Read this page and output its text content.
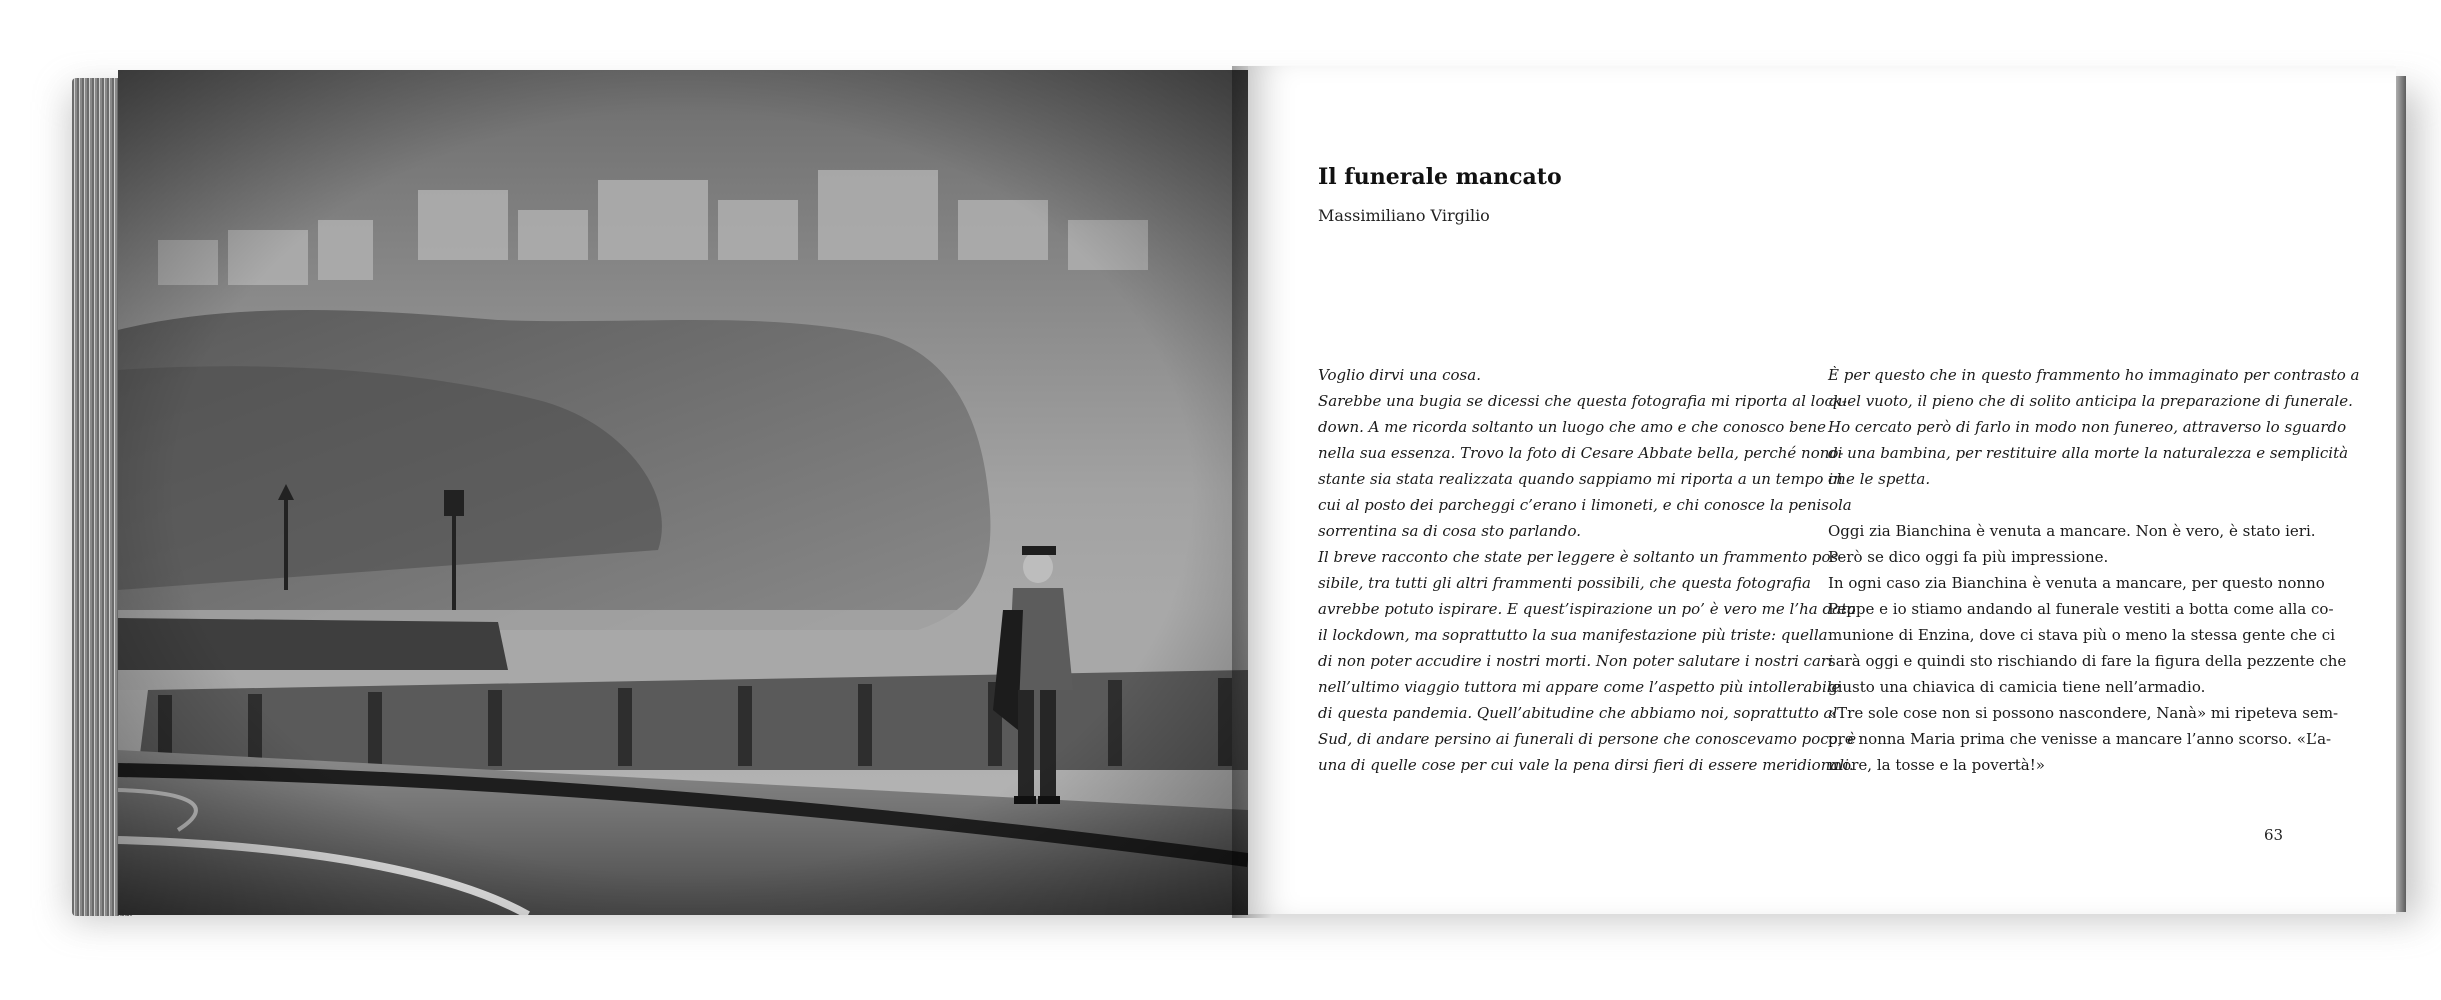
Il funerale mancato
Massimiliano Virgilio

Voglio dirvi una cosa.

Sarebbe una bugia se dicessi che questa fotografia mi riporta al lock-

down. A me ricorda soltanto un luogo che amo e che conosco bene

nella sua essenza. Trovo la foto di Cesare Abbate bella, perché nono-

stante sia stata realizzata quando sappiamo mi riporta a un tempo in

cui al posto dei parcheggi c’erano i limoneti, e chi conosce la penisola

sorrentina sa di cosa sto parlando.

Il breve racconto che state per leggere è soltanto un frammento pos-

sibile, tra tutti gli altri frammenti possibili, che questa fotografia

avrebbe potuto ispirare. E quest’ispirazione un po’ è vero me l’ha data

il lockdown, ma soprattutto la sua manifestazione più triste: quella

di non poter accudire i nostri morti. Non poter salutare i nostri cari

nell’ultimo viaggio tuttora mi appare come l’aspetto più intollerabile

di questa pandemia. Quell’abitudine che abbiamo noi, soprattutto al

Sud, di andare persino ai funerali di persone che conoscevamo poco, è

una di quelle cose per cui vale la pena dirsi fieri di essere meridionali.

È per questo che in questo frammento ho immaginato per contrasto a

quel vuoto, il pieno che di solito anticipa la preparazione di funerale.

Ho cercato però di farlo in modo non funereo, attraverso lo sguardo

di una bambina, per restituire alla morte la naturalezza e semplicità

che le spetta.

Oggi zia Bianchina è venuta a mancare. Non è vero, è stato ieri.

Però se dico oggi fa più impressione.

In ogni caso zia Bianchina è venuta a mancare, per questo nonno

Peppe e io stiamo andando al funerale vestiti a botta come alla co-

munione di Enzina, dove ci stava più o meno la stessa gente che ci

sarà oggi e quindi sto rischiando di fare la figura della pezzente che

giusto una chiavica di camicia tiene nell’armadio.

«Tre sole cose non si possono nascondere, Nanà» mi ripeteva sem-

pre nonna Maria prima che venisse a mancare l’anno scorso. «L’a-

more, la tosse e la povertà!»

63
